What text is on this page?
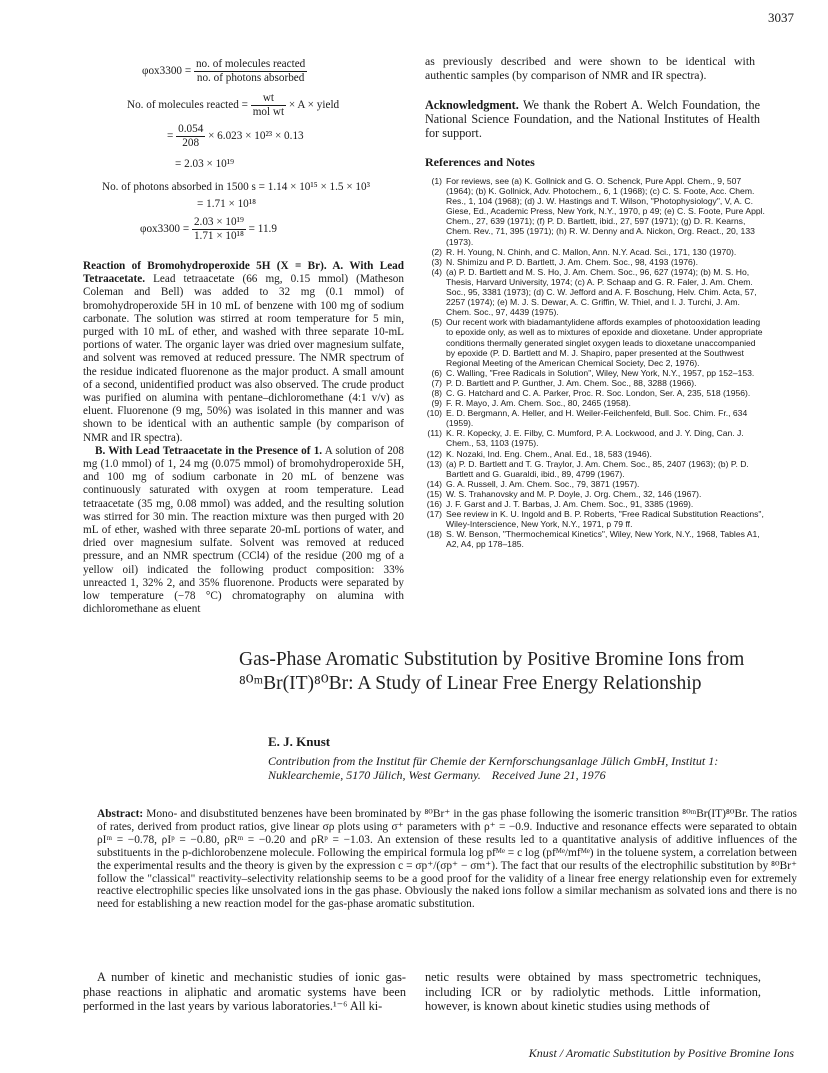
3037
$\varphi ox3300 = \frac{\text{no. of molecules reacted}}{\text{no. of photons absorbed}}$
No. of molecules reacted = $\frac{wt}{\text{mol wt}} \times A$ × yield
= $\frac{0.054}{208} \times 6.023 \times 10^{23} \times 0.13$
= 2.03 × 10¹⁹
No. of photons absorbed in 1500 s = 1.14 × 10¹⁵ × 1.5 × 10³
= 1.71 × 10¹⁸
$\varphi ox3300 = \frac{\text{2.03 × 10¹⁹}}{\text{1.71 × 10¹⁸}} = 11.9$

Reaction of Bromohydroperoxide 5H (X = Br). A. With Lead Tetraacetate. Lead tetraacetate (66 mg, 0.15 mmol) (Matheson Coleman and Bell) was added to 32 mg (0.1 mmol) of bromohydroperoxide 5H in 10 mL of benzene with 100 mg of sodium carbonate. The solution was stirred at room temperature for 5 min, purged with 10 mL of ether, and washed with three separate 10-mL portions of water. The organic layer was dried over magnesium sulfate, and solvent was removed at reduced pressure. The NMR spectrum of the residue indicated fluorenone as the major product. A small amount of a second, unidentified product was also observed. The crude product was purified on alumina with pentane–dichloromethane (4:1 v/v) as eluent. Fluorenone (9 mg, 50%) was isolated in this manner and was shown to be identical with an authentic sample (by comparison of NMR and IR spectra).

B. With Lead Tetraacetate in the Presence of 1. A solution of 208 mg (1.0 mmol) of 1, 24 mg (0.075 mmol) of bromohydroperoxide 5H, and 100 mg of sodium carbonate in 20 mL of benzene was continuously saturated with oxygen at room temperature. Lead tetraacetate (35 mg, 0.08 mmol) was added, and the resulting solution was stirred for 30 min. The reaction mixture was then purged with 20 mL of ether, washed with three separate 20-mL portions of water, and dried over magnesium sulfate. Solvent was removed at reduced pressure, and an NMR spectrum (CCl4) of the residue (200 mg of a yellow oil) indicated the following product composition: 33% unreacted 1, 32% 2, and 35% fluorenone. Products were separated by low temperature (−78 °C) chromatography on alumina with dichloromethane as eluent

as previously described and were shown to be identical with authentic samples (by comparison of NMR and IR spectra).
Acknowledgment. We thank the Robert A. Welch Foundation, the National Science Foundation, and the National Institutes of Health for support.
References and Notes
(1) For reviews, see (a) K. Gollnick and G. O. Schenck, Pure Appl. Chem., 9, 507 (1964); (b) K. Gollnick, Adv. Photochem., 6, 1 (1968); (c) C. S. Foote, Acc. Chem. Res., 1, 104 (1968); (d) J. W. Hastings and T. Wilson, "Photophysiology", V, A. C. Giese, Ed., Academic Press, New York, N.Y., 1970, p 49; (e) C. S. Foote, Pure Appl. Chem., 27, 639 (1971); (f) P. D. Bartlett, ibid., 27, 597 (1971); (g) D. R. Kearns, Chem. Rev., 71, 395 (1971); (h) R. W. Denny and A. Nickon, Org. React., 20, 133 (1973).
(2) R. H. Young, N. Chinh, and C. Mallon, Ann. N.Y. Acad. Sci., 171, 130 (1970).
(3) N. Shimizu and P. D. Bartlett, J. Am. Chem. Soc., 98, 4193 (1976).
(4) (a) P. D. Bartlett and M. S. Ho, J. Am. Chem. Soc., 96, 627 (1974); (b) M. S. Ho, Thesis, Harvard University, 1974; (c) A. P. Schaap and G. R. Faler, J. Am. Chem. Soc., 95, 3381 (1973); (d) C. W. Jefford and A. F. Boschung, Helv. Chim. Acta, 57, 2257 (1974); (e) M. J. S. Dewar, A. C. Griffin, W. Thiel, and I. J. Turchi, J. Am. Chem. Soc., 97, 4439 (1975).
(5) Our recent work with biadamantylidene affords examples of photooxidation leading to epoxide only, as well as to mixtures of epoxide and dioxetane. Under appropriate conditions thermally generated singlet oxygen leads to dioxetane unaccompanied by epoxide (P. D. Bartlett and M. J. Shapiro, paper presented at the Southwest Regional Meeting of the American Chemical Society, Dec 2, 1976).
(6) C. Walling, "Free Radicals in Solution", Wiley, New York, N.Y., 1957, pp 152–153.
(7) P. D. Bartlett and P. Gunther, J. Am. Chem. Soc., 88, 3288 (1966).
(8) C. G. Hatchard and C. A. Parker, Proc. R. Soc. London, Ser. A, 235, 518 (1956).
(9) F. R. Mayo, J. Am. Chem. Soc., 80, 2465 (1958).
(10) E. D. Bergmann, A. Heller, and H. Weiler-Feilchenfeld, Bull. Soc. Chim. Fr., 634 (1959).
(11) K. R. Kopecky, J. E. Filby, C. Mumford, P. A. Lockwood, and J. Y. Ding, Can. J. Chem., 53, 1103 (1975).
(12) K. Nozaki, Ind. Eng. Chem., Anal. Ed., 18, 583 (1946).
(13) (a) P. D. Bartlett and T. G. Traylor, J. Am. Chem. Soc., 85, 2407 (1963); (b) P. D. Bartlett and G. Guaraldi, ibid., 89, 4799 (1967).
(14) G. A. Russell, J. Am. Chem. Soc., 79, 3871 (1957).
(15) W. S. Trahanovsky and M. P. Doyle, J. Org. Chem., 32, 146 (1967).
(16) J. F. Garst and J. T. Barbas, J. Am. Chem. Soc., 91, 3385 (1969).
(17) See review in K. U. Ingold and B. P. Roberts, "Free Radical Substitution Reactions", Wiley-Interscience, New York, N.Y., 1971, p 79 ff.
(18) S. W. Benson, "Thermochemical Kinetics", Wiley, New York, N.Y., 1968, Tables A1, A2, A4, pp 178–185.
Gas-Phase Aromatic Substitution by Positive Bromine Ions from ⁸⁰ᵐBr(IT)⁸⁰Br: A Study of Linear Free Energy Relationship
E. J. Knust
Contribution from the Institut für Chemie der Kernforschungsanlage Jülich GmbH, Institut 1: Nuklearchemie, 5170 Jülich, West Germany. Received June 21, 1976
Abstract: Mono- and disubstituted benzenes have been brominated by ⁸⁰Br⁺ in the gas phase following the isomeric transition ⁸⁰ᵐBr(IT)⁸⁰Br. The ratios of rates, derived from product ratios, give linear σρ plots using σ⁺ parameters with ρ⁺ = −0.9. Inductive and resonance effects were separated to obtain ρIᵐ = −0.78, ρIᵖ = −0.80, ρRᵐ = −0.20 and ρRᵖ = −1.03. An extension of these results led to a quantitative analysis of additive influences of the substituents in the p-dichlorobenzene molecule. Following the empirical formula log pfᴹᵉ = c log (pfᴹᵉ/mfᴹᵉ) in the toluene system, a correlation between the experimental results and the theory is given by the expression c = σp⁺/(σp⁺ − σm⁺). The fact that our results of the electrophilic substitution by ⁸⁰Br⁺ follow the "classical" reactivity–selectivity relationship seems to be a good proof for the validity of a linear free energy relationship even for extremely reactive electrophilic species like unsolvated ions in the gas phase. Obviously the naked ions follow a similar mechanism as solvated ions and there is no need for establishing a new reaction model for the gas-phase aromatic substitution.
A number of kinetic and mechanistic studies of ionic gas-phase reactions in aliphatic and aromatic systems have been performed in the last years by various laboratories.¹⁻⁶ All ki-
netic results were obtained by mass spectrometric techniques, including ICR or by radiolytic methods. Little information, however, is known about kinetic studies using methods of
Knust / Aromatic Substitution by Positive Bromine Ions
